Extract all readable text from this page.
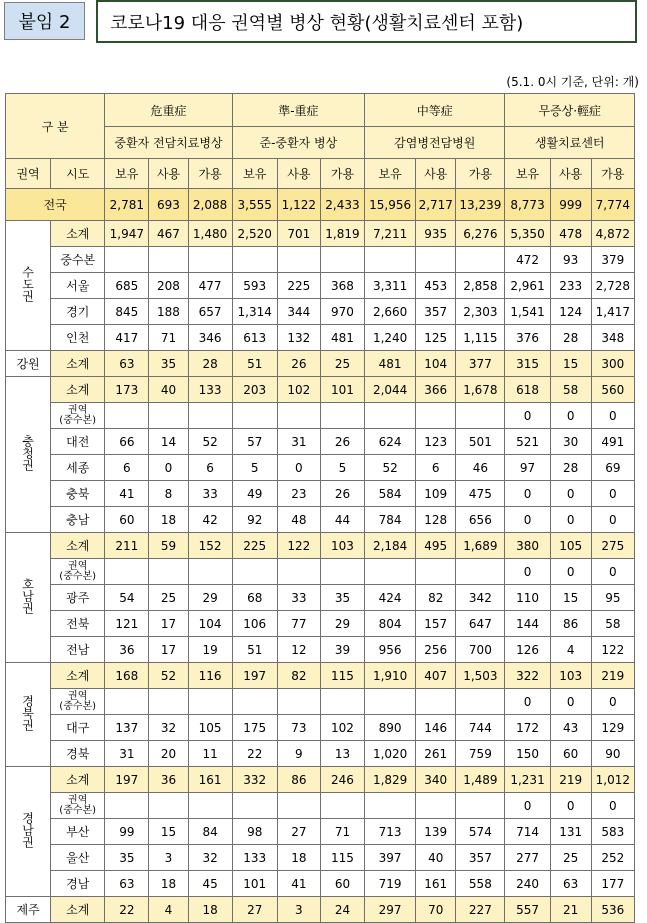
붙임 2	코로나19 대응 권역별 병상 현황(생활치료센터 포함)
(5.1. 0시 기준, 단위: 개)
구 분		危重症			準-重症			中等症			무증상·輕症		
		중환자 전담치료병상			준-중환자 병상			감염병전담병원			생활치료센터		
권역	시도	보유	사용	가용	보유	사용	가용	보유	사용	가용	보유	사용	가용
전국		2,781	693	2,088	3,555	1,122	2,433	15,956	2,717	13,239	8,773	999	7,774
수도권	소계	1,947	467	1,480	2,520	701	1,819	7,211	935	6,276	5,350	478	4,872
	중수본										472	93	379
	서울	685	208	477	593	225	368	3,311	453	2,858	2,961	233	2,728
	경기	845	188	657	1,314	344	970	2,660	357	2,303	1,541	124	1,417
	인천	417	71	346	613	132	481	1,240	125	1,115	376	28	348
강원	소계	63	35	28	51	26	25	481	104	377	315	15	300
충청권	소계	173	40	133	203	102	101	2,044	366	1,678	618	58	560
	권역
(중수본)										0	0	0
	대전	66	14	52	57	31	26	624	123	501	521	30	491
	세종	6	0	6	5	0	5	52	6	46	97	28	69
	충북	41	8	33	49	23	26	584	109	475	0	0	0
	충남	60	18	42	92	48	44	784	128	656	0	0	0
호남권	소계	211	59	152	225	122	103	2,184	495	1,689	380	105	275
	권역
(중수본)										0	0	0
	광주	54	25	29	68	33	35	424	82	342	110	15	95
	전북	121	17	104	106	77	29	804	157	647	144	86	58
	전남	36	17	19	51	12	39	956	256	700	126	4	122
경북권	소계	168	52	116	197	82	115	1,910	407	1,503	322	103	219
	권역
(중수본)										0	0	0
	대구	137	32	105	175	73	102	890	146	744	172	43	129
	경북	31	20	11	22	9	13	1,020	261	759	150	60	90
경남권	소계	197	36	161	332	86	246	1,829	340	1,489	1,231	219	1,012
	권역
(중수본)										0	0	0
	부산	99	15	84	98	27	71	713	139	574	714	131	583
	울산	35	3	32	133	18	115	397	40	357	277	25	252
	경남	63	18	45	101	41	60	719	161	558	240	63	177
제주	소계	22	4	18	27	3	24	297	70	227	557	21	536
